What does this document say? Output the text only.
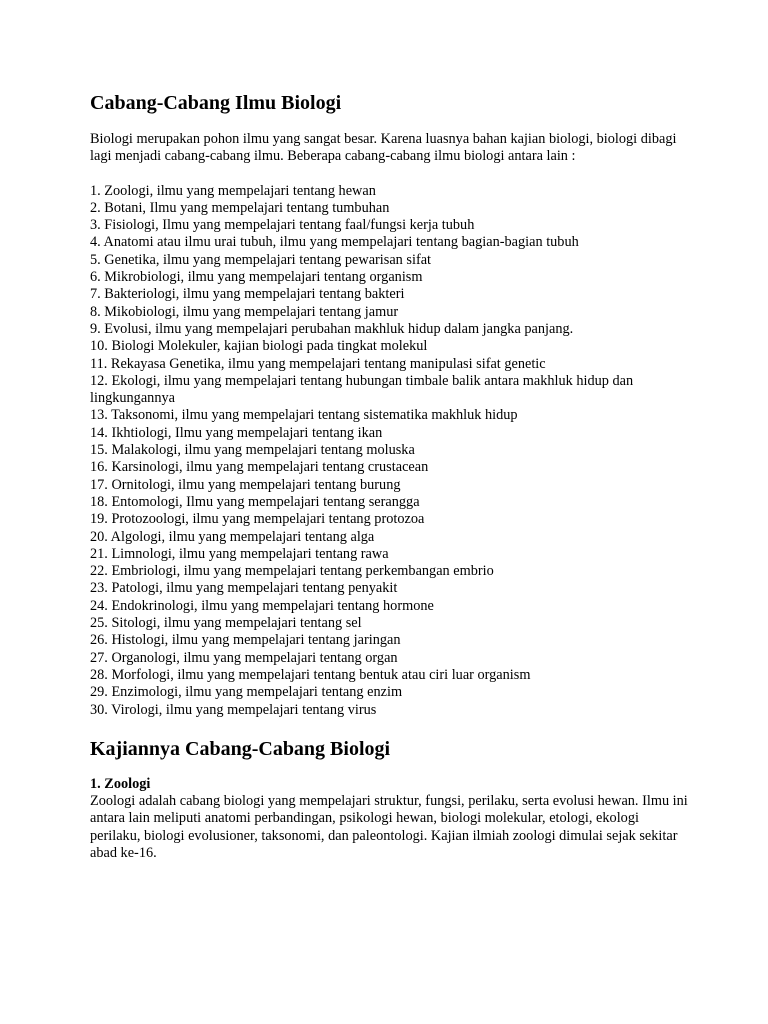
Cabang-Cabang Ilmu Biologi

Biologi merupakan pohon ilmu yang sangat besar. Karena luasnya bahan kajian biologi, biologi dibagi lagi menjadi cabang-cabang ilmu. Beberapa cabang-cabang ilmu biologi antara lain :

1. Zoologi, ilmu yang mempelajari tentang hewan
2. Botani, Ilmu yang mempelajari tentang tumbuhan
3. Fisiologi, Ilmu yang mempelajari tentang faal/fungsi kerja tubuh
4. Anatomi atau ilmu urai tubuh, ilmu yang mempelajari tentang bagian-bagian tubuh
5. Genetika, ilmu yang mempelajari tentang pewarisan sifat
6. Mikrobiologi, ilmu yang mempelajari tentang organism
7. Bakteriologi, ilmu yang mempelajari tentang bakteri
8. Mikobiologi, ilmu yang mempelajari tentang jamur
9. Evolusi, ilmu yang mempelajari perubahan makhluk hidup dalam jangka panjang.
10. Biologi Molekuler, kajian biologi pada tingkat molekul
11. Rekayasa Genetika, ilmu yang mempelajari tentang manipulasi sifat genetic
12. Ekologi, ilmu yang mempelajari tentang hubungan timbale balik antara makhluk hidup dan lingkungannya
13. Taksonomi, ilmu yang mempelajari tentang sistematika makhluk hidup
14. Ikhtiologi, Ilmu yang mempelajari tentang ikan
15. Malakologi, ilmu yang mempelajari tentang moluska
16. Karsinologi, ilmu yang mempelajari tentang crustacean
17. Ornitologi, ilmu yang mempelajari tentang burung
18. Entomologi, Ilmu yang mempelajari tentang serangga
19. Protozoologi, ilmu yang mempelajari tentang protozoa
20. Algologi, ilmu yang mempelajari tentang alga
21. Limnologi, ilmu yang mempelajari tentang rawa
22. Embriologi, ilmu yang mempelajari tentang perkembangan embrio
23. Patologi, ilmu yang mempelajari tentang penyakit
24. Endokrinologi, ilmu yang mempelajari tentang hormone
25. Sitologi, ilmu yang mempelajari tentang sel
26. Histologi, ilmu yang mempelajari tentang jaringan
27. Organologi, ilmu yang mempelajari tentang organ
28. Morfologi, ilmu yang mempelajari tentang bentuk atau ciri luar organism
29. Enzimologi, ilmu yang mempelajari tentang enzim
30. Virologi, ilmu yang mempelajari tentang virus
Kajiannya Cabang-Cabang Biologi

1. Zoologi

Zoologi adalah cabang biologi yang mempelajari struktur, fungsi, perilaku, serta evolusi hewan. Ilmu ini antara lain meliputi anatomi perbandingan, psikologi hewan, biologi molekular, etologi, ekologi perilaku, biologi evolusioner, taksonomi, dan paleontologi. Kajian ilmiah zoologi dimulai sejak sekitar abad ke-16.
